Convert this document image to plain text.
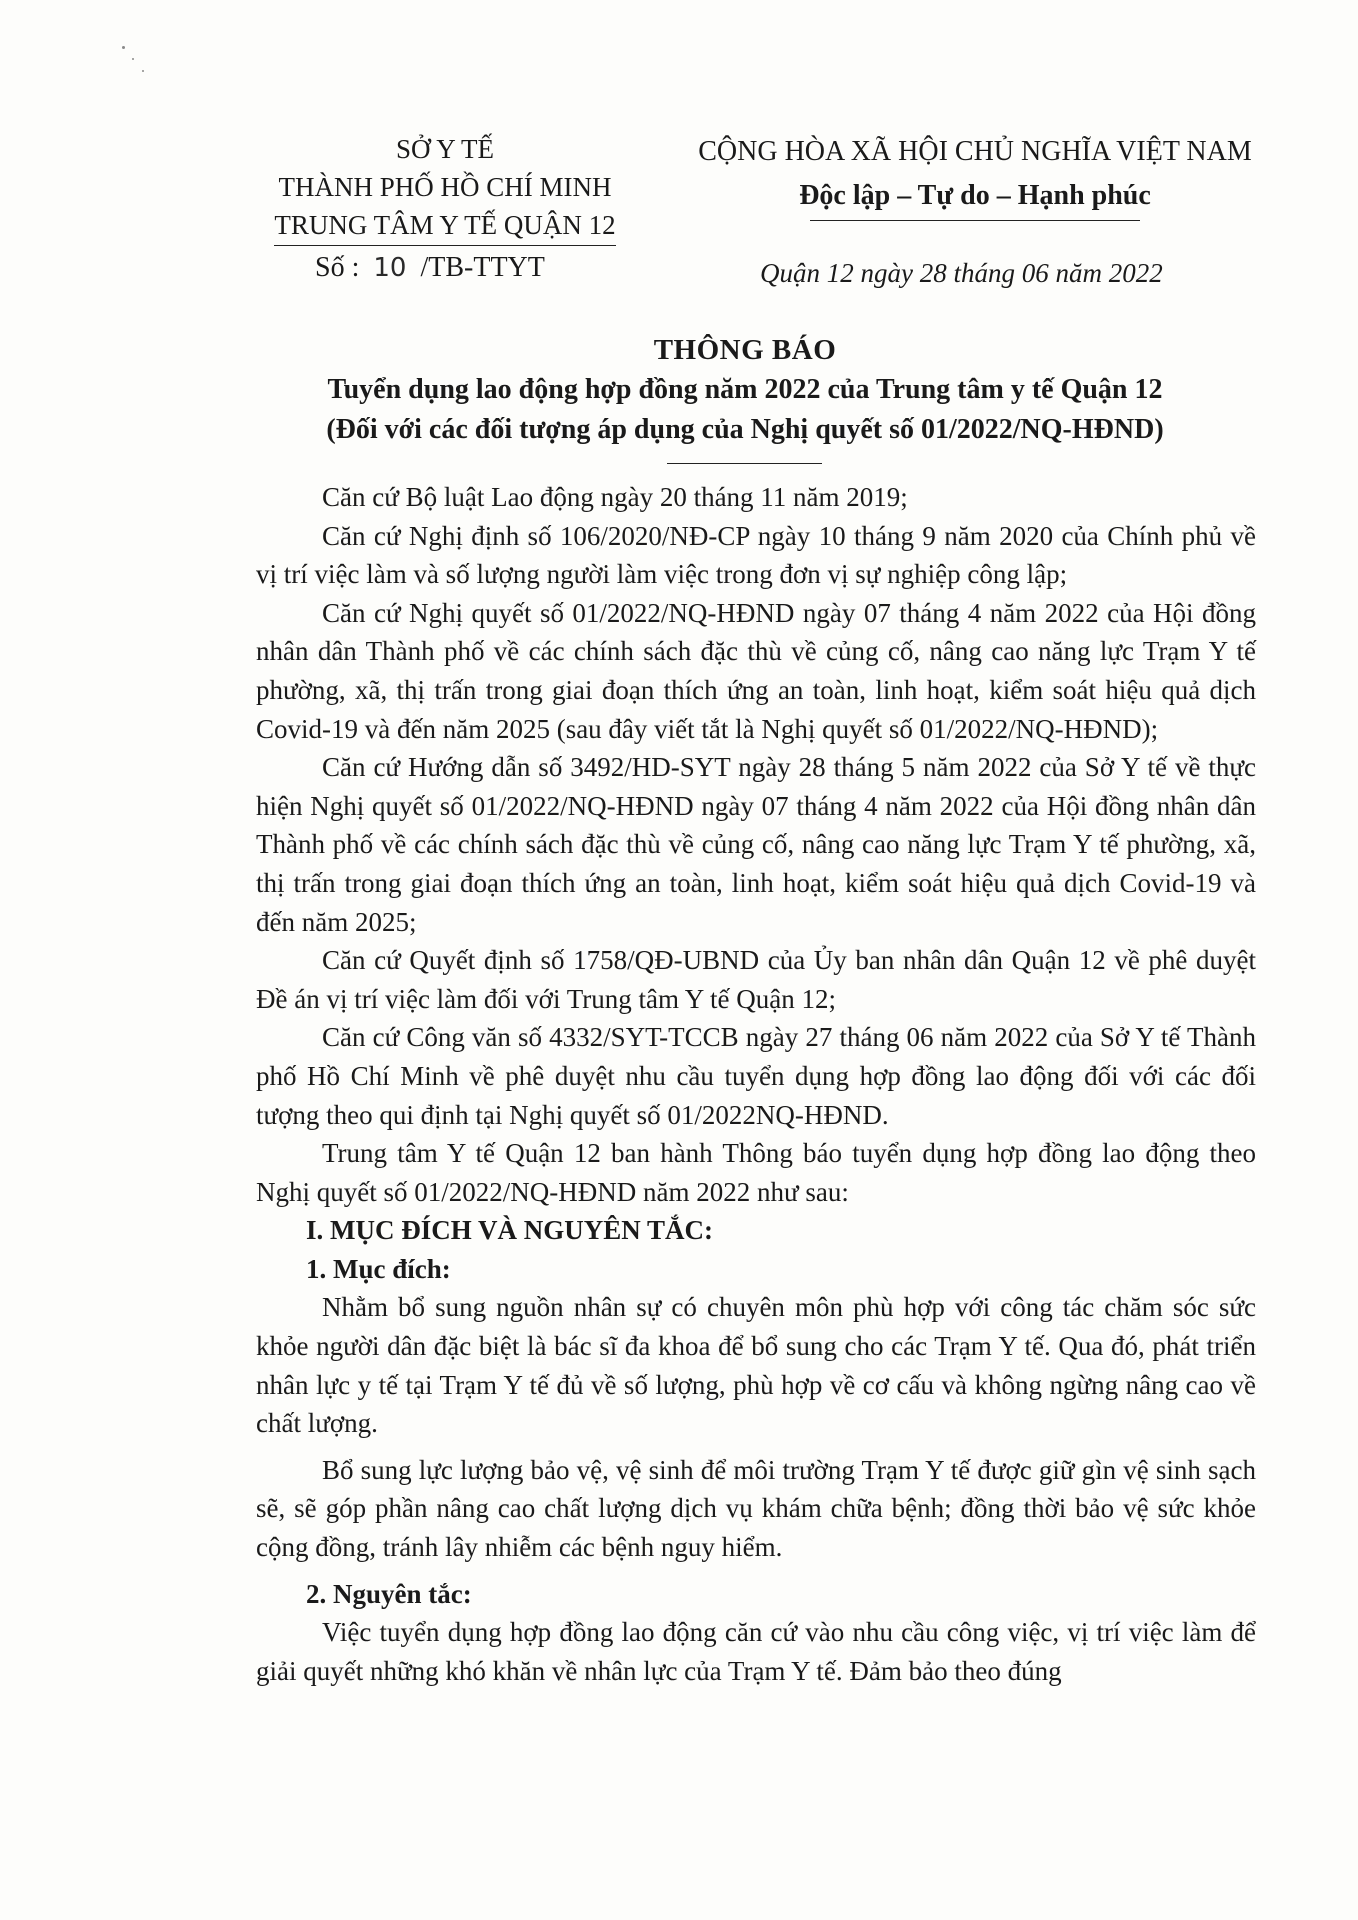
SỞ Y TẾ
THÀNH PHỐ HỒ CHÍ MINH
TRUNG TÂM Y TẾ QUẬN 12
Số : 10 /TB-TTYT
CỘNG HÒA XÃ HỘI CHỦ NGHĨA VIỆT NAM
Độc lập – Tự do – Hạnh phúc
Quận 12 ngày 28 tháng 06 năm 2022
THÔNG BÁO
Tuyển dụng lao động hợp đồng năm 2022 của Trung tâm y tế Quận 12
(Đối với các đối tượng áp dụng của Nghị quyết số 01/2022/NQ-HĐND)

Căn cứ Bộ luật Lao động ngày 20 tháng 11 năm 2019;

Căn cứ Nghị định số 106/2020/NĐ-CP ngày 10 tháng 9 năm 2020 của Chính phủ về vị trí việc làm và số lượng người làm việc trong đơn vị sự nghiệp công lập;

Căn cứ Nghị quyết số 01/2022/NQ-HĐND ngày 07 tháng 4 năm 2022 của Hội đồng nhân dân Thành phố về các chính sách đặc thù về củng cố, nâng cao năng lực Trạm Y tế phường, xã, thị trấn trong giai đoạn thích ứng an toàn, linh hoạt, kiểm soát hiệu quả dịch Covid-19 và đến năm 2025 (sau đây viết tắt là Nghị quyết số 01/2022/NQ-HĐND);

Căn cứ Hướng dẫn số 3492/HD-SYT ngày 28 tháng 5 năm 2022 của Sở Y tế về thực hiện Nghị quyết số 01/2022/NQ-HĐND ngày 07 tháng 4 năm 2022 của Hội đồng nhân dân Thành phố về các chính sách đặc thù về củng cố, nâng cao năng lực Trạm Y tế phường, xã, thị trấn trong giai đoạn thích ứng an toàn, linh hoạt, kiểm soát hiệu quả dịch Covid-19 và đến năm 2025;

Căn cứ Quyết định số 1758/QĐ-UBND của Ủy ban nhân dân Quận 12 về phê duyệt Đề án vị trí việc làm đối với Trung tâm Y tế Quận 12;

Căn cứ Công văn số 4332/SYT-TCCB ngày 27 tháng 06 năm 2022 của Sở Y tế Thành phố Hồ Chí Minh về phê duyệt nhu cầu tuyển dụng hợp đồng lao động đối với các đối tượng theo qui định tại Nghị quyết số 01/2022NQ-HĐND.

Trung tâm Y tế Quận 12 ban hành Thông báo tuyển dụng hợp đồng lao động theo Nghị quyết số 01/2022/NQ-HĐND năm 2022 như sau:

I. MỤC ĐÍCH VÀ NGUYÊN TẮC:

1. Mục đích:

Nhằm bổ sung nguồn nhân sự có chuyên môn phù hợp với công tác chăm sóc sức khỏe người dân đặc biệt là bác sĩ đa khoa để bổ sung cho các Trạm Y tế. Qua đó, phát triển nhân lực y tế tại Trạm Y tế đủ về số lượng, phù hợp về cơ cấu và không ngừng nâng cao về chất lượng.

Bổ sung lực lượng bảo vệ, vệ sinh để môi trường Trạm Y tế được giữ gìn vệ sinh sạch sẽ, sẽ góp phần nâng cao chất lượng dịch vụ khám chữa bệnh; đồng thời bảo vệ sức khỏe cộng đồng, tránh lây nhiễm các bệnh nguy hiểm.

2. Nguyên tắc:

Việc tuyển dụng hợp đồng lao động căn cứ vào nhu cầu công việc, vị trí việc làm để giải quyết những khó khăn về nhân lực của Trạm Y tế. Đảm bảo theo đúng
